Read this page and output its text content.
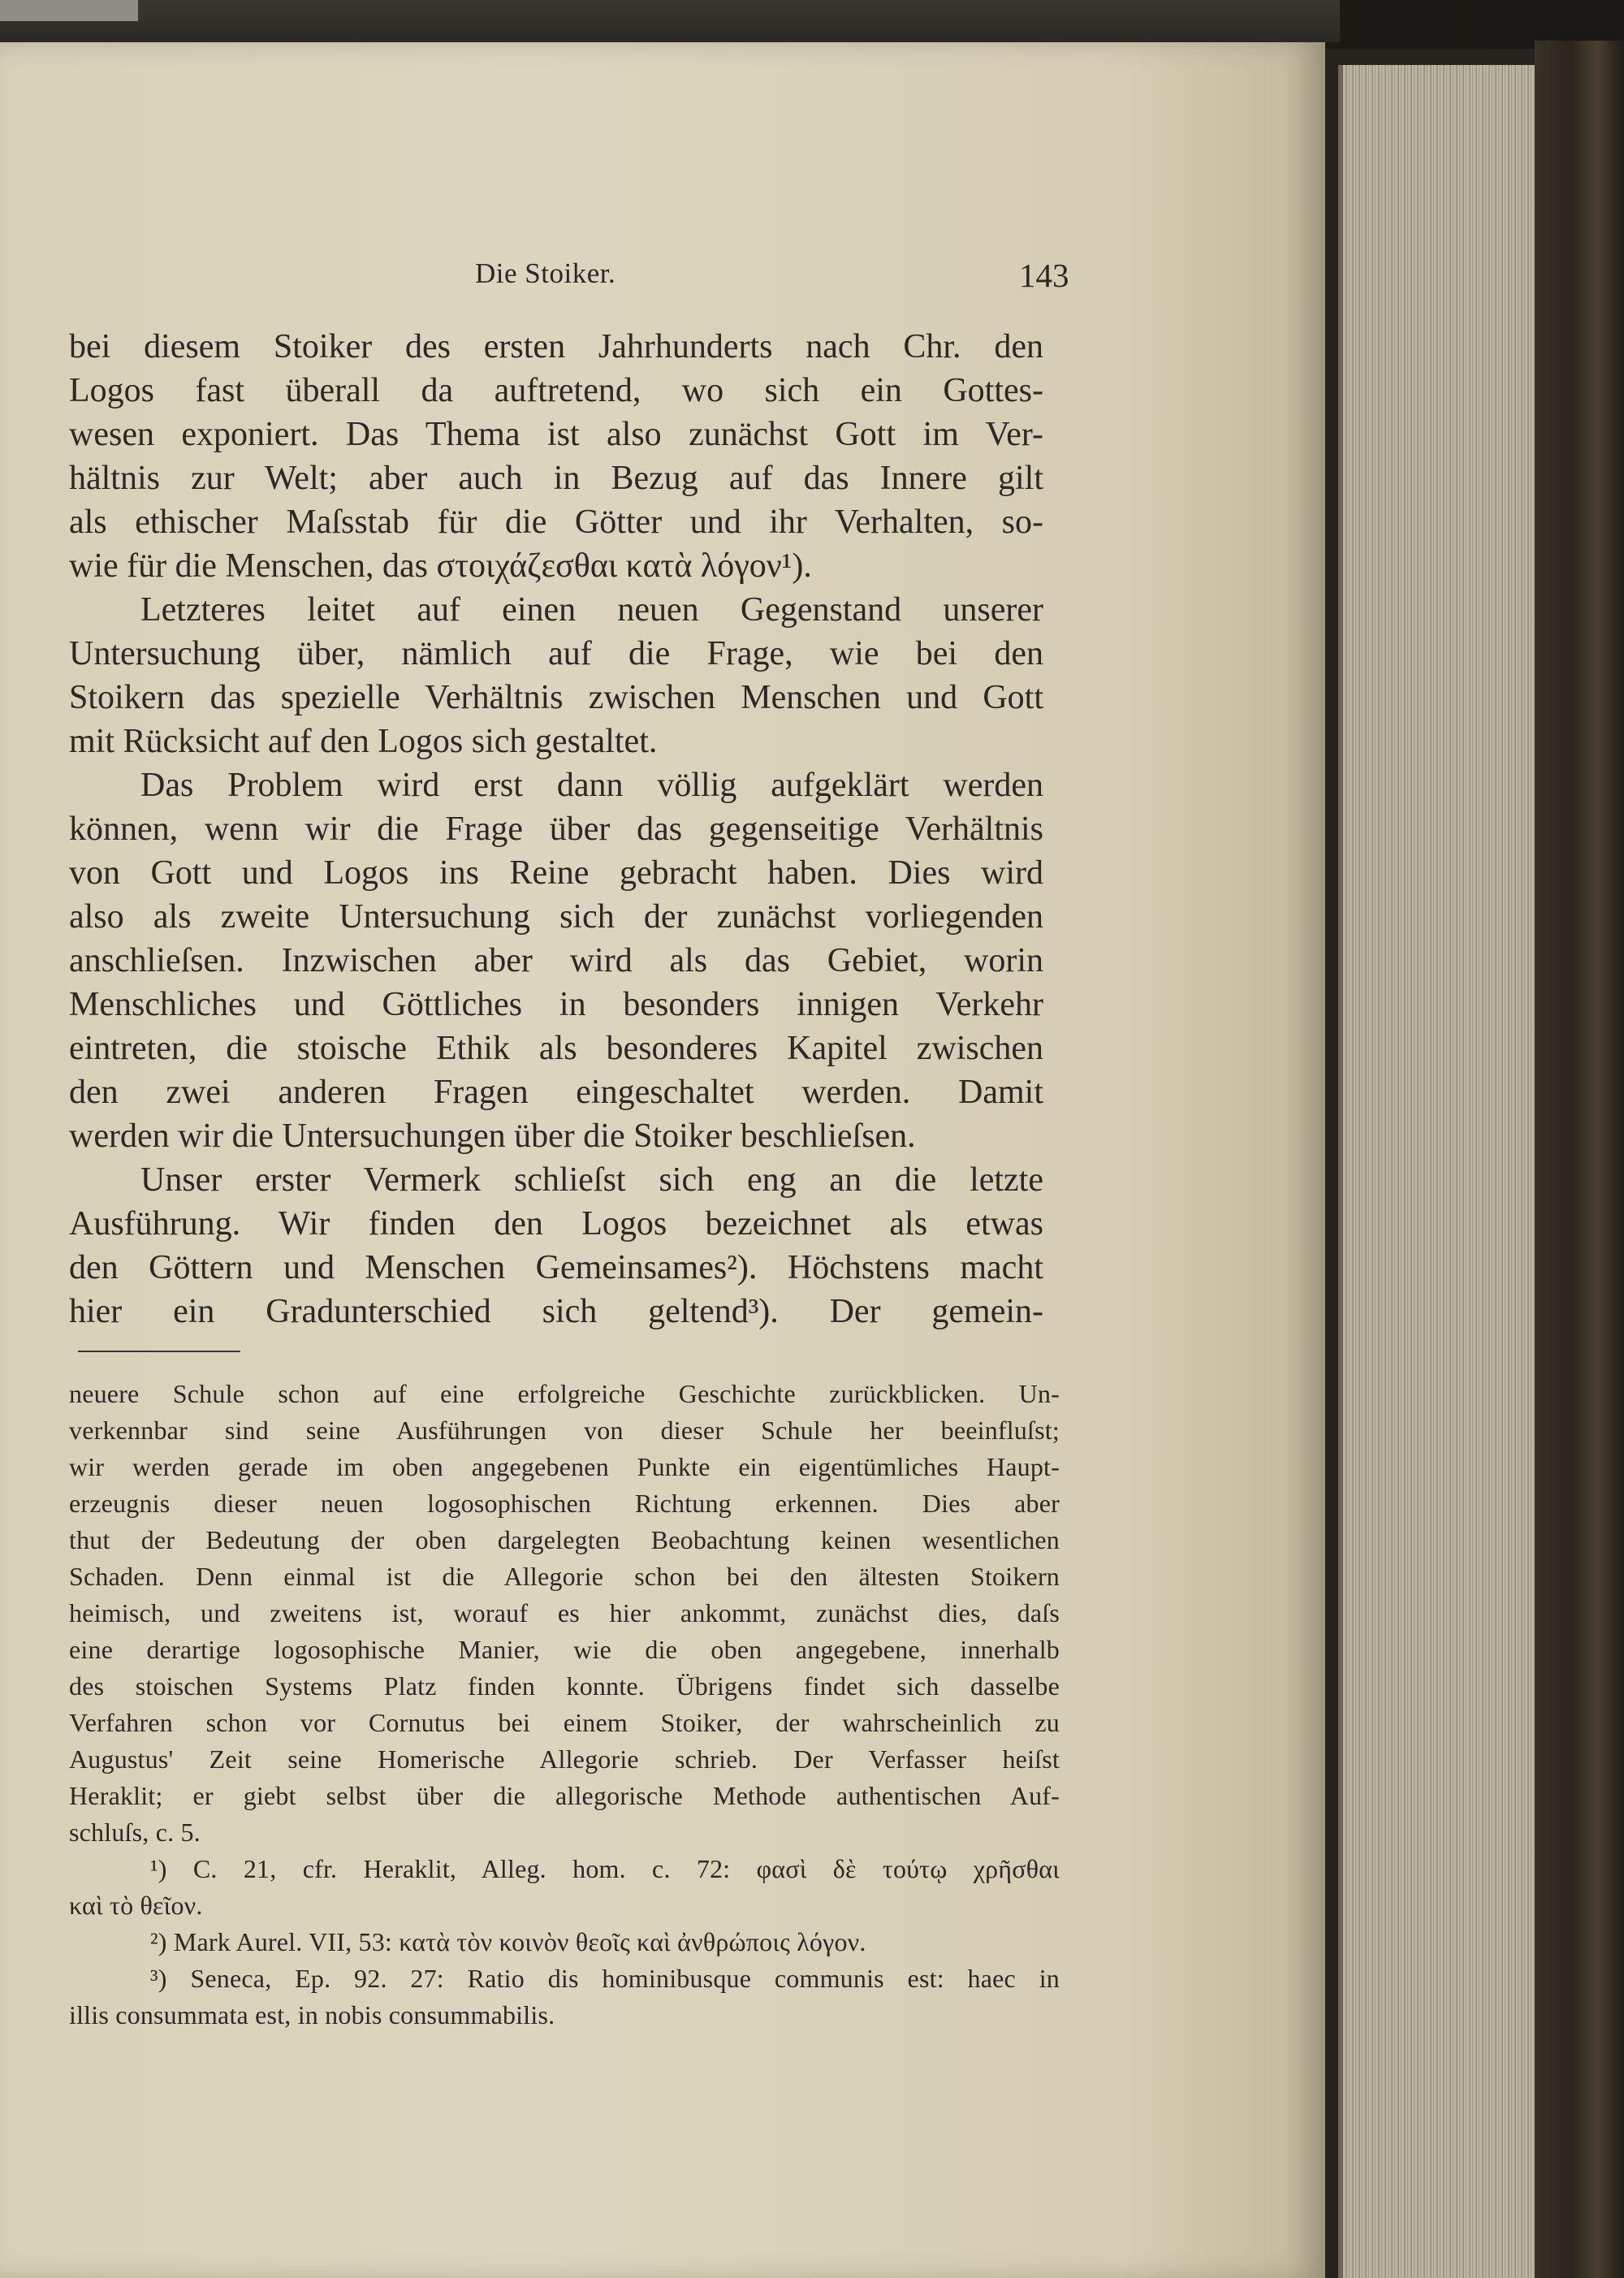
Die Stoiker.	143
bei diesem Stoiker des ersten Jahrhunderts nach Chr. den
Logos fast überall da auftretend, wo sich ein Gottes-
wesen exponiert. Das Thema ist also zunächst Gott im Ver-
hältnis zur Welt; aber auch in Bezug auf das Innere gilt
als ethischer Maſsstab für die Götter und ihr Verhalten, so-
wie für die Menschen, das στοιχάζεσθαι κατὰ λόγον¹).
Letzteres leitet auf einen neuen Gegenstand unserer
Untersuchung über, nämlich auf die Frage, wie bei den
Stoikern das spezielle Verhältnis zwischen Menschen und Gott
mit Rücksicht auf den Logos sich gestaltet.
Das Problem wird erst dann völlig aufgeklärt werden
können, wenn wir die Frage über das gegenseitige Verhältnis
von Gott und Logos ins Reine gebracht haben. Dies wird
also als zweite Untersuchung sich der zunächst vorliegenden
anschlieſsen. Inzwischen aber wird als das Gebiet, worin
Menschliches und Göttliches in besonders innigen Verkehr
eintreten, die stoische Ethik als besonderes Kapitel zwischen
den zwei anderen Fragen eingeschaltet werden. Damit
werden wir die Untersuchungen über die Stoiker beschlieſsen.
Unser erster Vermerk schlieſst sich eng an die letzte
Ausführung. Wir finden den Logos bezeichnet als etwas
den Göttern und Menschen Gemeinsames²). Höchstens macht
hier ein Gradunterschied sich geltend³). Der gemein-
neuere Schule schon auf eine erfolgreiche Geschichte zurückblicken. Un-
verkennbar sind seine Ausführungen von dieser Schule her beeinfluſst;
wir werden gerade im oben angegebenen Punkte ein eigentümliches Haupt-
erzeugnis dieser neuen logosophischen Richtung erkennen. Dies aber
thut der Bedeutung der oben dargelegten Beobachtung keinen wesentlichen
Schaden. Denn einmal ist die Allegorie schon bei den ältesten Stoikern
heimisch, und zweitens ist, worauf es hier ankommt, zunächst dies, daſs
eine derartige logosophische Manier, wie die oben angegebene, innerhalb
des stoischen Systems Platz finden konnte. Übrigens findet sich dasselbe
Verfahren schon vor Cornutus bei einem Stoiker, der wahrscheinlich zu
Augustus' Zeit seine Homerische Allegorie schrieb. Der Verfasser heiſst
Heraklit; er giebt selbst über die allegorische Methode authentischen Auf-
schluſs, c. 5.
¹) C. 21, cfr. Heraklit, Alleg. hom. c. 72: φασὶ δὲ τούτῳ χρῆσθαι
καὶ τὸ θεῖον.
²) Mark Aurel. VII, 53: κατὰ τὸν κοινὸν θεοῖς καὶ ἀνθρώποις λόγον.
³) Seneca, Ep. 92. 27: Ratio dis hominibusque communis est: haec in
illis consummata est, in nobis consummabilis.
